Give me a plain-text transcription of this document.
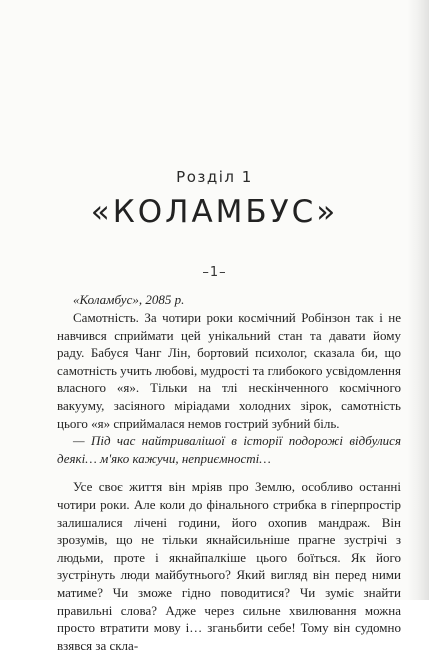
Розділ 1
«КОЛАМБУС»
–1–

«Коламбус», 2085 р.

Самотність. За чотири роки космічний Робінзон так і не навчився сприймати цей унікальний стан та давати йому раду. Бабуся Чанг Лін, бортовий психолог, сказала би, що самотність учить любові, мудрості та глибокого усвідомлення власного «я». Тільки на тлі нескінченного космічного вакууму, засіяного міріадами холодних зірок, самотність цього «я» сприймалася немов гострий зубний біль.

— Під час найтривалішої в історії подорожі відбулися деякі… м'яко кажучи, неприємності…

Усе своє життя він мріяв про Землю, особливо останні чотири роки. Але коли до фінального стрибка в гіперпростір залишалися лічені години, його охопив мандраж. Він зрозумів, що не тільки якнайсильніше прагне зустрічі з людьми, проте і якнайпалкіше цього боїться. Як його зустрінуть люди майбутнього? Який вигляд він перед ними матиме? Чи зможе гідно поводитися? Чи зуміє знайти правильні слова? Адже через сильне хвилювання можна просто втратити мову і… зганьбити себе! Тому він судомно взявся за скла-
